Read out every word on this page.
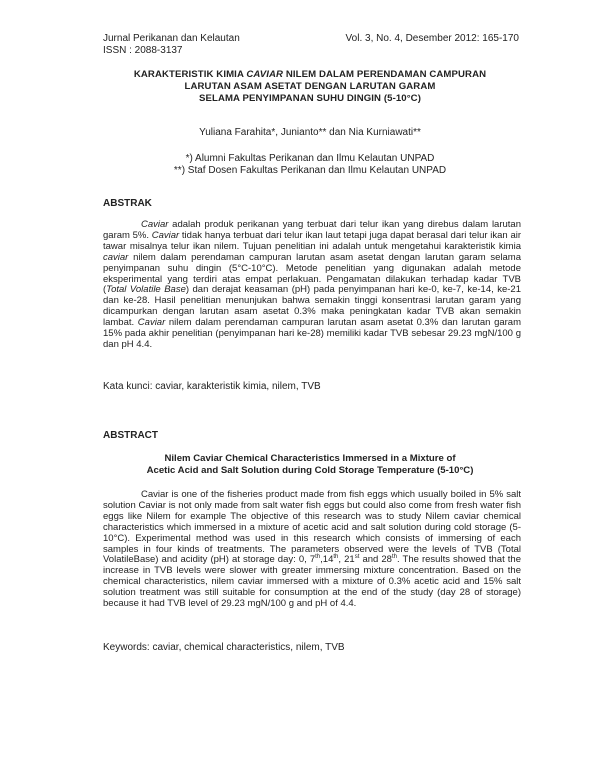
Jurnal Perikanan dan Kelautan	Vol. 3, No. 4, Desember 2012: 165-170
ISSN : 2088-3137
KARAKTERISTIK KIMIA CAVIAR NILEM DALAM PERENDAMAN CAMPURAN
LARUTAN ASAM ASETAT DENGAN LARUTAN GARAM
SELAMA PENYIMPANAN SUHU DINGIN (5-10°C)
Yuliana Farahita*, Junianto** dan Nia Kurniawati**
*) Alumni Fakultas Perikanan dan Ilmu Kelautan UNPAD
**) Staf Dosen Fakultas Perikanan dan Ilmu Kelautan UNPAD
ABSTRAK
Caviar adalah produk perikanan yang terbuat dari telur ikan yang direbus dalam larutan garam 5%. Caviar tidak hanya terbuat dari telur ikan laut tetapi juga dapat berasal dari telur ikan air tawar misalnya telur ikan nilem. Tujuan penelitian ini adalah untuk mengetahui karakteristik kimia caviar nilem dalam perendaman campuran larutan asam asetat dengan larutan garam selama penyimpanan suhu dingin (5°C-10°C). Metode penelitian yang digunakan adalah metode eksperimental yang terdiri atas empat perlakuan. Pengamatan dilakukan terhadap kadar TVB (Total Volatile Base) dan derajat keasaman (pH) pada penyimpanan hari ke-0, ke-7, ke-14, ke-21 dan ke-28. Hasil penelitian menunjukan bahwa semakin tinggi konsentrasi larutan garam yang dicampurkan dengan larutan asam asetat 0.3% maka peningkatan kadar TVB akan semakin lambat. Caviar nilem dalam perendaman campuran larutan asam asetat 0.3% dan larutan garam 15% pada akhir penelitian (penyimpanan hari ke-28) memiliki kadar TVB sebesar 29.23 mgN/100 g dan pH 4.4.
Kata kunci: caviar, karakteristik kimia, nilem, TVB
ABSTRACT
Nilem Caviar Chemical Characteristics Immersed in a Mixture of
Acetic Acid and Salt Solution during Cold Storage Temperature (5-10°C)
Caviar is one of the fisheries product made from fish eggs which usually boiled in 5% salt solution Caviar is not only made from salt water fish eggs but could also come from fresh water fish eggs like Nilem for example The objective of this research was to study Nilem caviar chemical characteristics which immersed in a mixture of acetic acid and salt solution during cold storage (5-10°C). Experimental method was used in this research which consists of immersing of each samples in four kinds of treatments. The parameters observed were the levels of TVB (Total VolatileBase) and acidity (pH) at storage day: 0, 7th,14th, 21st and 28th. The results showed that the increase in TVB levels were slower with greater immersing mixture concentration. Based on the chemical characteristics, nilem caviar immersed with a mixture of 0.3% acetic acid and 15% salt solution treatment was still suitable for consumption at the end of the study (day 28 of storage) because it had TVB level of 29.23 mgN/100 g and pH of 4.4.
Keywords: caviar, chemical characteristics, nilem, TVB
